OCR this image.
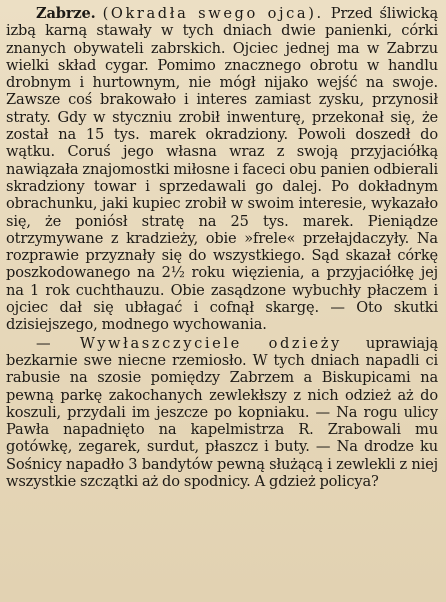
Zabrze. (Okradła swego ojca). Przed śliwicką izbą karną stawały w tych dniach dwie panienki, córki znanych obywateli zabrskich. Ojciec jednej ma w Zabrzu wielki skład cygar. Pomimo znacznego obrotu w handlu drobnym i hurtownym, nie mógł nijako wejść na swoje. Zawsze coś brakowało i interes zamiast zysku, przynosił straty. Gdy w styczniu zrobił inwenturę, przekonał się, że został na 15 tys. marek okradziony. Powoli doszedł do wątku. Coruś jego własna wraz z swoją przyjaciółką nawiązała znajomostki miłosne i faceci obu panien odbierali skradziony towar i sprzedawali go dalej. Po dokładnym obrachunku, jaki kupiec zrobił w swoim interesie, wykazało się, że poniósł stratę na 25 tys. marek. Pieniądze otrzymywane z kradzieży, obie »frele« przełajdaczyły. Na rozprawie przyznały się do wszystkiego. Sąd skazał córkę poszkodowanego na 2½ roku więzienia, a przyjaciółkę jej na 1 rok cuchthauzu. Obie zasądzone wybuchły płaczem i ojciec dał się ubłagać i cofnął skargę. — Oto skutki dzisiejszego, modnego wychowania.

— Wywłaszczyciele odzieży uprawiają bezkarnie swe niecne rzemiosło. W tych dniach napadli ci rabusie na szosie pomiędzy Zabrzem a Biskupicami na pewną parkę zakochanych zewlekłszy z nich odzież aż do koszuli, przydali im jeszcze po kopniaku. — Na rogu ulicy Pawła napadnięto na kapelmistrza R. Zrabowali mu gotówkę, zegarek, surdut, płaszcz i buty. — Na drodze ku Sośnicy napadło 3 bandytów pewną służącą i zewlekli z niej wszystkie szczątki aż do spodnicy. A gdzież policya?
